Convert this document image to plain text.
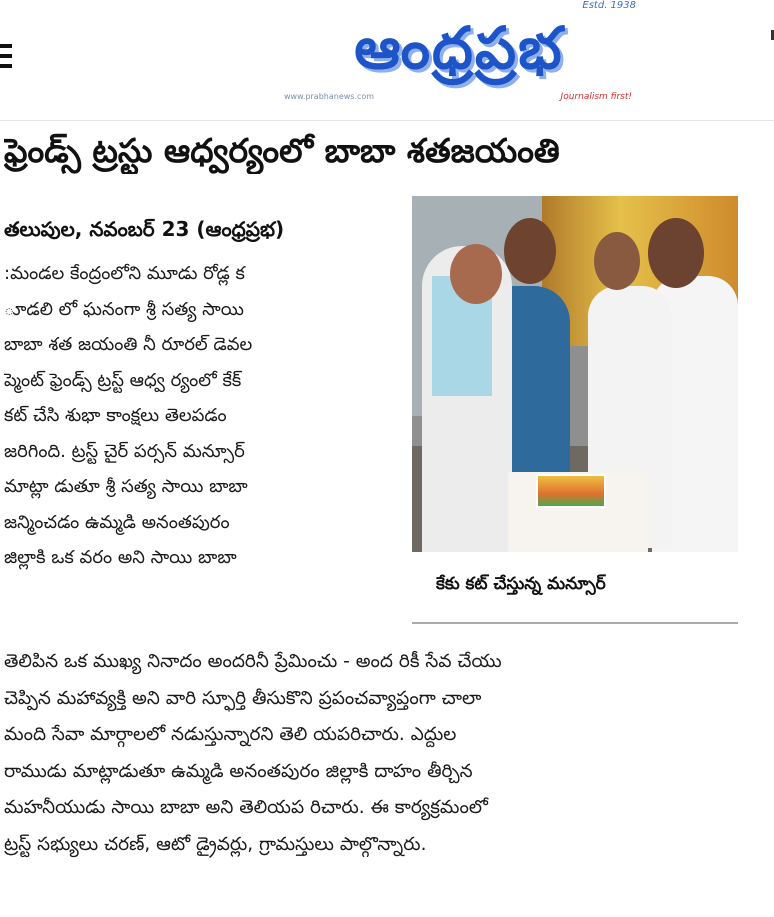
Estd. 1938
ఆంధ్రప్రభ
www.prabhanews.com	Journalism first!
ఫ్రెండ్స్ ట్రస్టు ఆధ్వర్యంలో బాబా శతజయంతి
తలుపుల, నవంబర్ 23 (ఆంధ్రప్రభ)
:మండల కేంద్రంలోని మూడు రోడ్ల క
ూడలి లో ఘనంగా శ్రీ సత్య సాయి
బాబా శత జయంతి నీ రూరల్ డెవల
ప్మెంట్ ఫ్రెండ్స్ ట్రస్ట్ ఆధ్వ ర్యంలో కేక్
కట్ చేసి శుభా కాంక్షలు తెలపడం
జరిగింది. ట్రస్ట్ చైర్ పర్సన్ మన్సూర్
మాట్లా డుతూ శ్రీ సత్య సాయి బాబా
జన్మించడం ఉమ్మడి అనంతపురం
జిల్లాకి ఒక వరం అని సాయి బాబా
కేకు కట్ చేస్తున్న మన్సూర్
తెలిపిన ఒక ముఖ్య నినాదం అందరినీ ప్రేమించు - అంద రికీ సేవ చేయు
చెప్పిన మహావ్యక్తి అని వారి స్ఫూర్తి తీసుకొని ప్రపంచవ్యాప్తంగా చాలా
మంది సేవా మార్గాలలో నడుస్తున్నారని తెలి యపరిచారు. ఎద్దుల
రాముడు మాట్లాడుతూ ఉమ్మడి అనంతపురం జిల్లాకి దాహం తీర్చిన
మహనీయుడు సాయి బాబా అని తెలియప రిచారు. ఈ కార్యక్రమంలో
ట్రస్ట్ సభ్యులు చరణ్, ఆటో డ్రైవర్లు, గ్రామస్తులు పాల్గొన్నారు.
